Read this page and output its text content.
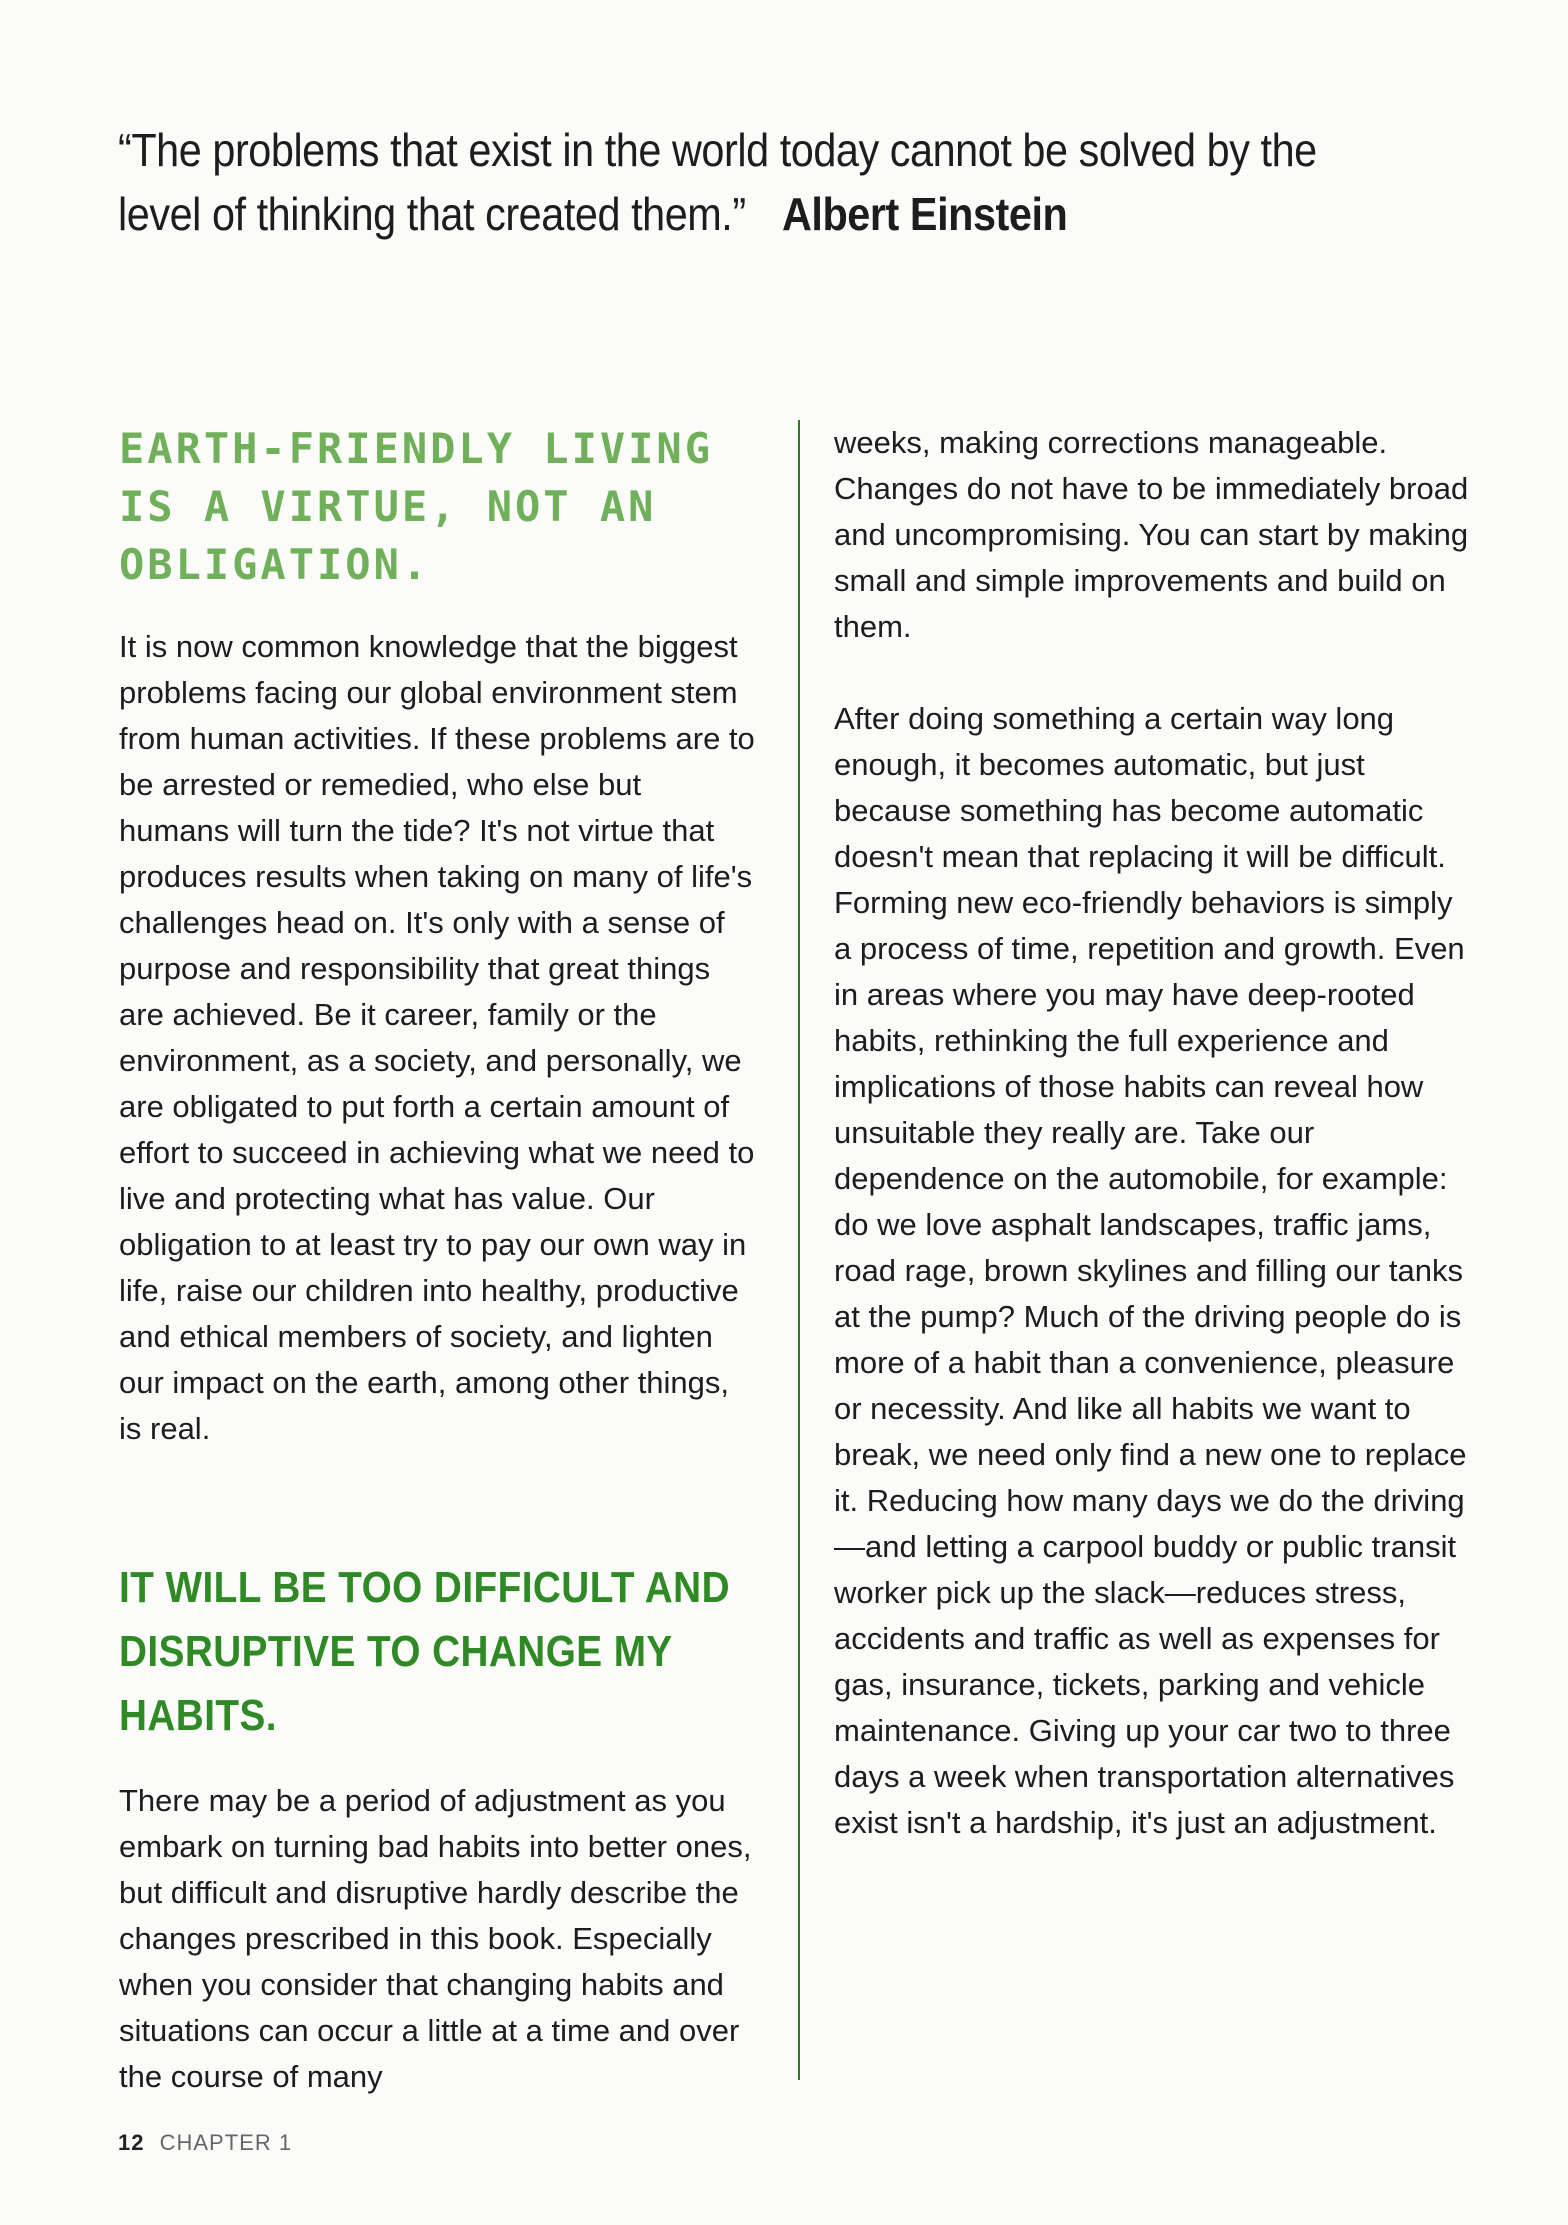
“The problems that exist in the world today cannot be solved by the level of thinking that created them.” Albert Einstein
EARTH-FRIENDLY LIVING IS A VIRTUE, NOT AN OBLIGATION.

It is now common knowledge that the biggest problems facing our global environment stem from human activities. If these problems are to be arrested or remedied, who else but humans will turn the tide? It's not virtue that produces results when taking on many of life's challenges head on. It's only with a sense of purpose and responsibility that great things are achieved. Be it career, family or the environment, as a society, and personally, we are obligated to put forth a certain amount of effort to succeed in achieving what we need to live and protecting what has value. Our obligation to at least try to pay our own way in life, raise our children into healthy, productive and ethical members of society, and lighten our impact on the earth, among other things, is real.

IT WILL BE TOO DIFFICULT AND DISRUPTIVE TO CHANGE MY HABITS.

There may be a period of adjustment as you embark on turning bad habits into better ones, but difficult and disruptive hardly describe the changes prescribed in this book. Especially when you consider that changing habits and situations can occur a little at a time and over the course of many

weeks, making corrections manageable. Changes do not have to be immediately broad and uncompromising. You can start by making small and simple improvements and build on them.

After doing something a certain way long enough, it becomes automatic, but just because something has become automatic doesn't mean that replacing it will be difficult. Forming new eco-friendly behaviors is simply a process of time, repetition and growth. Even in areas where you may have deep-rooted habits, rethinking the full experience and implications of those habits can reveal how unsuitable they really are. Take our dependence on the automobile, for example: do we love asphalt landscapes, traffic jams, road rage, brown skylines and filling our tanks at the pump? Much of the driving people do is more of a habit than a convenience, pleasure or necessity. And like all habits we want to break, we need only find a new one to replace it. Reducing how many days we do the driving—and letting a carpool buddy or public transit worker pick up the slack—reduces stress, accidents and traffic as well as expenses for gas, insurance, tickets, parking and vehicle maintenance. Giving up your car two to three days a week when transportation alternatives exist isn't a hardship, it's just an adjustment.

12 CHAPTER 1
